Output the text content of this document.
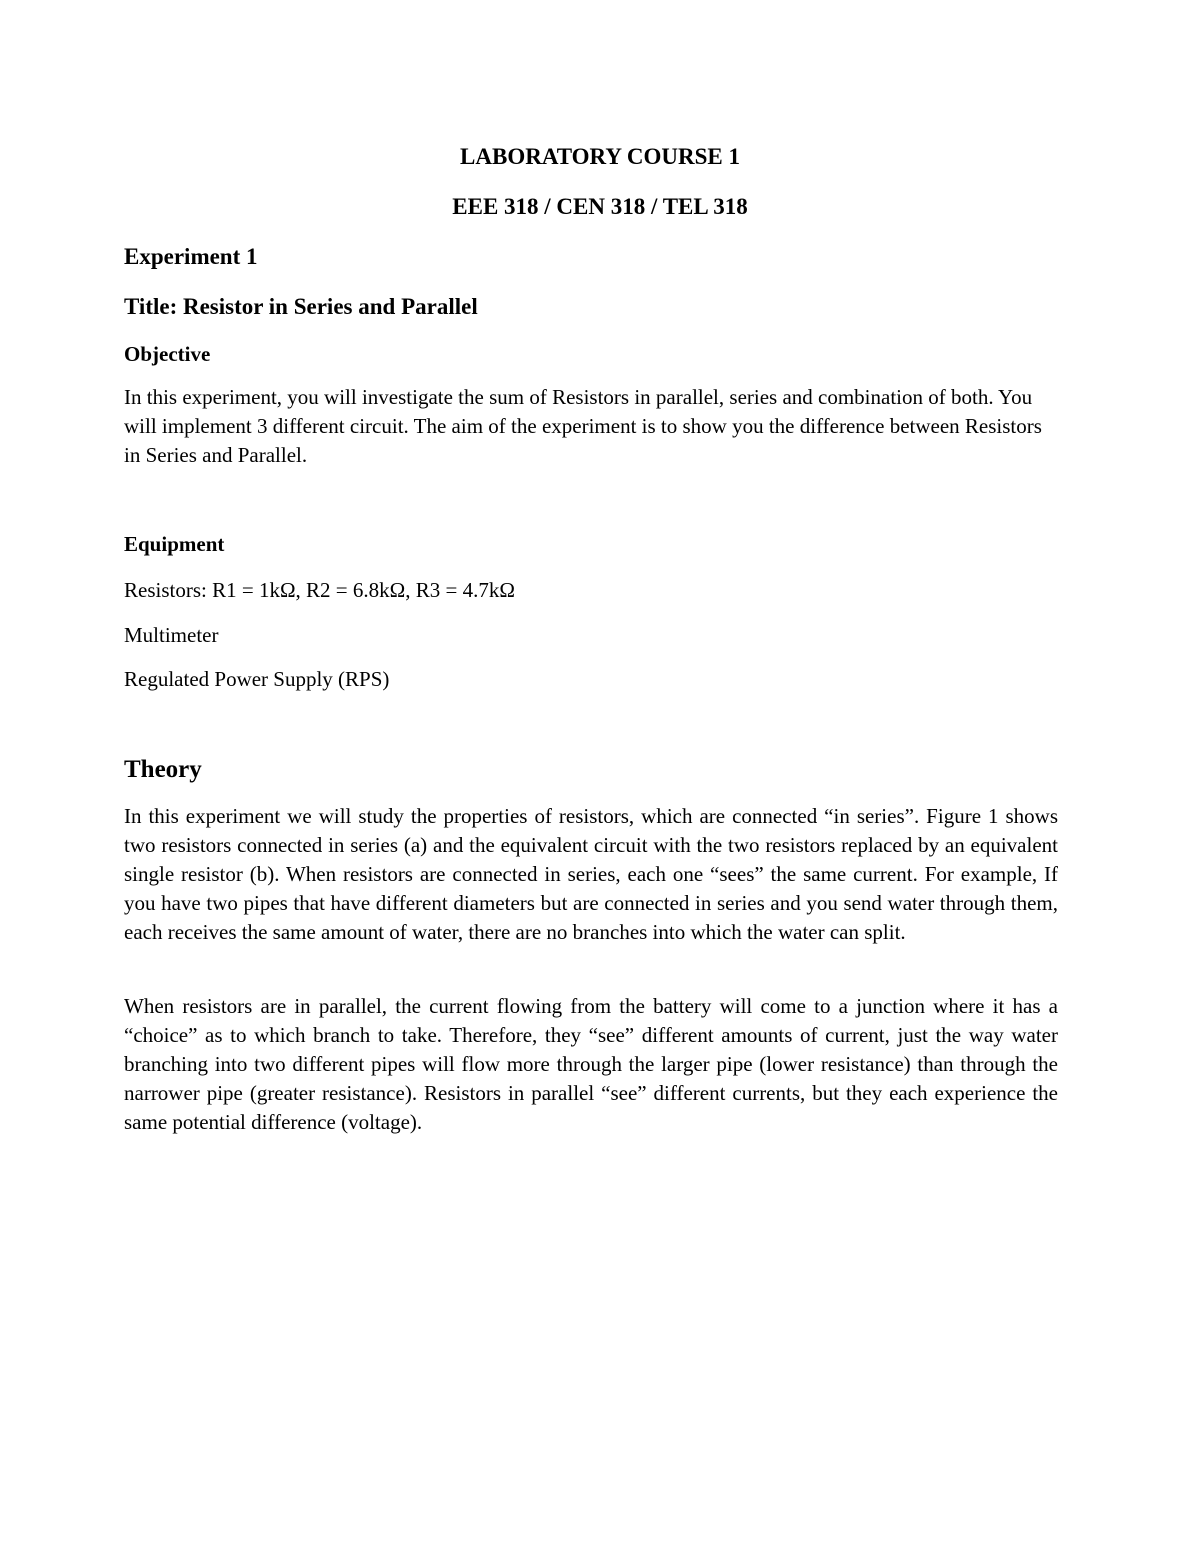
LABORATORY COURSE 1
EEE 318 / CEN 318 / TEL 318
Experiment 1
Title: Resistor in Series and Parallel
Objective

In this experiment, you will investigate the sum of Resistors in parallel, series and combination of both. You will implement 3 different circuit. The aim of the experiment is to show you the difference between Resistors in Series and Parallel.

Equipment

Resistors: R1 = 1kΩ, R2 = 6.8kΩ, R3 = 4.7kΩ

Multimeter

Regulated Power Supply (RPS)

Theory

In this experiment we will study the properties of resistors, which are connected “in series”. Figure 1 shows two resistors connected in series (a) and the equivalent circuit with the two resistors replaced by an equivalent single resistor (b). When resistors are connected in series, each one “sees” the same current. For example, If you have two pipes that have different diameters but are connected in series and you send water through them, each receives the same amount of water, there are no branches into which the water can split.

When resistors are in parallel, the current flowing from the battery will come to a junction where it has a “choice” as to which branch to take. Therefore, they “see” different amounts of current, just the way water branching into two different pipes will flow more through the larger pipe (lower resistance) than through the narrower pipe (greater resistance). Resistors in parallel “see” different currents, but they each experience the same potential difference (voltage).
